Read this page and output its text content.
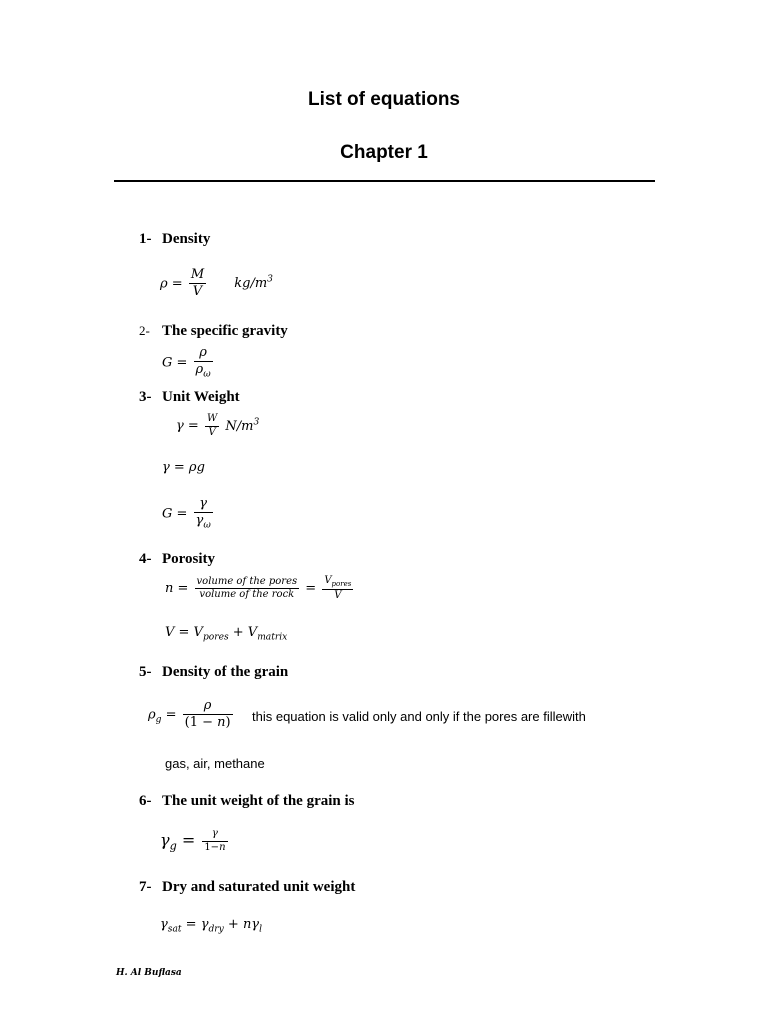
List of equations
Chapter 1
1- Density
$\rho = \frac{M}{V} kg/m^3$
2- The specific gravity
$G = \frac{\rho}{\rho_\omega}$
3- Unit Weight
$\gamma = \frac{W}{V} N/m^3$
γ = ρg
$G = \frac{\gamma}{\gamma_\omega}$
4- Porosity
$n = \frac{\text{volume of the pores}}{\text{volume of the rock}} = \frac{V_{pores}}{V}$
$V = V_{pores} + V_{matrix}$
5- Density of the grain
$\rho_g = \frac{\rho}{(1 - n)}$ this equation is valid only and only if the pores are fillewith
gas, air, methane
6- The unit weight of the grain is
$\gamma_g = \frac{\gamma}{1-n}$
7- Dry and saturated unit weight
$\gamma_{sat} = \gamma_{dry} + n\gamma_l$
H. Al Buflasa
